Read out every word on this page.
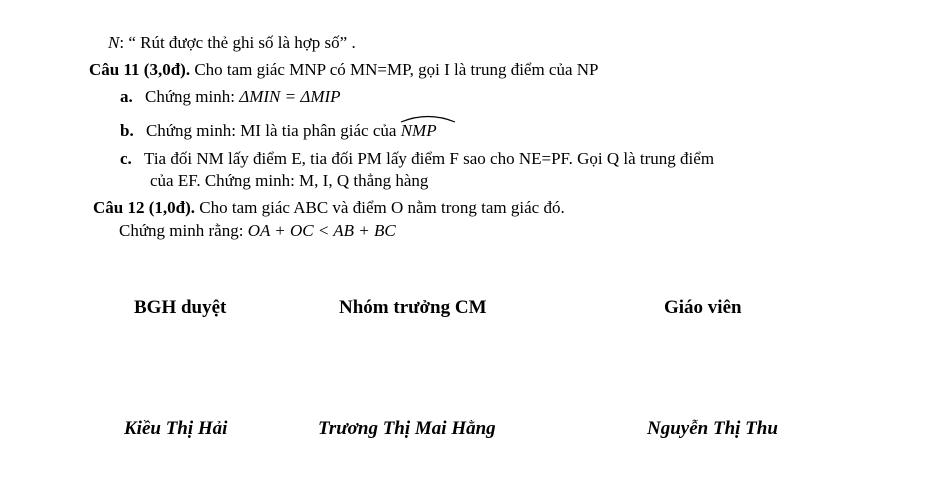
N: “ Rút được thẻ ghi số là hợp số” .
Câu 11 (3,0đ). Cho tam giác MNP có MN=MP, gọi I là trung điểm của NP
a. Chứng minh: ΔMIN = ΔMIP
b. Chứng minh: MI là tia phân giác của
NMP
c. Tia đối NM lấy điểm E, tia đối PM lấy điểm F sao cho NE=PF. Gọi Q là trung điểm
của EF. Chứng minh: M, I, Q thẳng hàng
Câu 12 (1,0đ). Cho tam giác ABC và điểm O nằm trong tam giác đó.
Chứng minh rằng: OA + OC < AB + BC
BGH duyệt	Nhóm trưởng CM	Giáo viên
Kiều Thị Hải	Trương Thị Mai Hằng	Nguyễn Thị Thu
